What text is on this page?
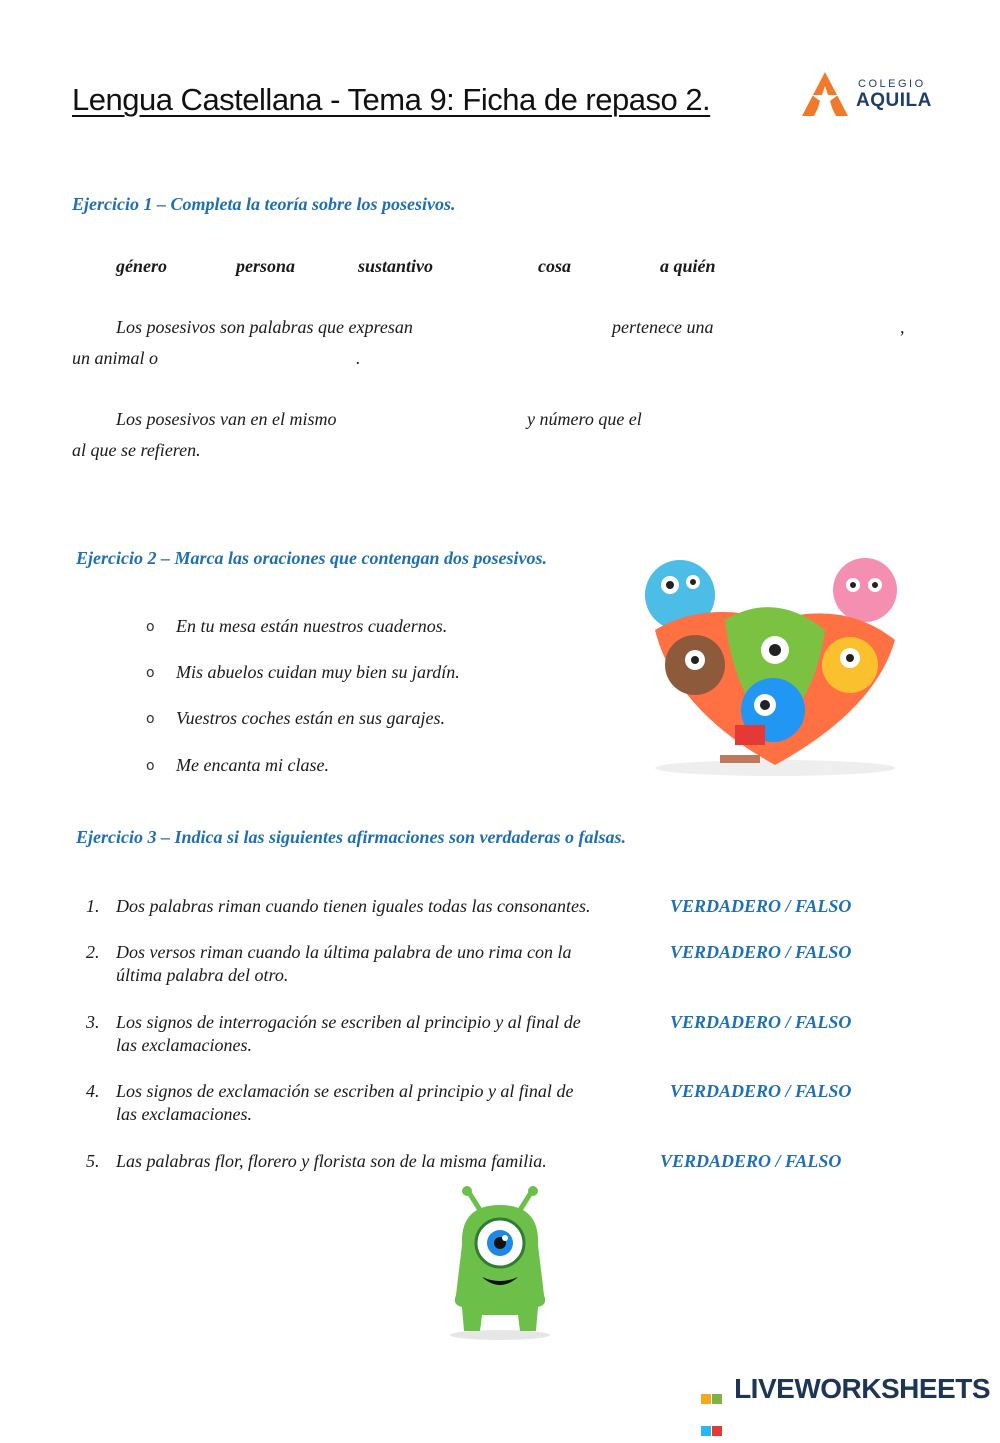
Lengua Castellana - Tema 9: Ficha de repaso 2.	COLEGIO
AQUILA
Ejercicio 1 – Completa la teoría sobre los posesivos.
género	persona	sustantivo	cosa	a quién
Los posesivos son palabras que expresan	pertenece una	,
un animal o	.
Los posesivos van en el mismo	y número que el
al que se refieren.
Ejercicio 2 – Marca las oraciones que contengan dos posesivos.
o En tu mesa están nuestros cuadernos.
o Mis abuelos cuidan muy bien su jardín.
o Vuestros coches están en sus garajes.
o Me encanta mi clase.
Ejercicio 3 – Indica si las siguientes afirmaciones son verdaderas o falsas.
1. Dos palabras riman cuando tienen iguales todas las consonantes.	VERDADERO / FALSO
2. Dos versos riman cuando la última palabra de uno rima con la
última palabra del otro.
VERDADERO / FALSO
3. Los signos de interrogación se escriben al principio y al final de
las exclamaciones.
VERDADERO / FALSO
4. Los signos de exclamación se escriben al principio y al final de
las exclamaciones.
VERDADERO / FALSO
5. Las palabras flor, florero y florista son de la misma familia.	VERDADERO / FALSO

LIVEWORKSHEETS
